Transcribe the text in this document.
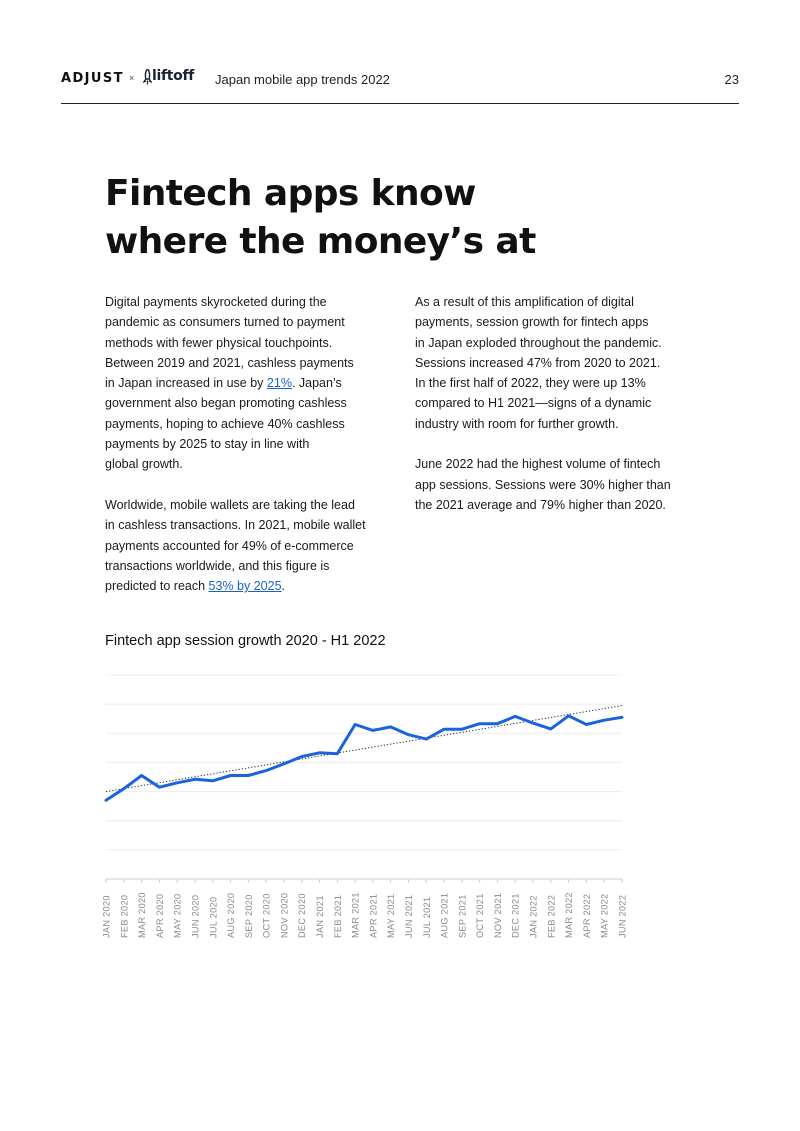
ADJUST × liftoff Japan mobile app trends 2022	23
Fintech apps know
where the money’s at

Digital payments skyrocketed during the
pandemic as consumers turned to payment
methods with fewer physical touchpoints.
Between 2019 and 2021, cashless payments
in Japan increased in use by 21%. Japan’s
government also began promoting cashless
payments, hoping to achieve 40% cashless
payments by 2025 to stay in line with
global growth.

Worldwide, mobile wallets are taking the lead
in cashless transactions. In 2021, mobile wallet
payments accounted for 49% of e-commerce
transactions worldwide, and this figure is
predicted to reach 53% by 2025.

As a result of this amplification of digital
payments, session growth for fintech apps
in Japan exploded throughout the pandemic.
Sessions increased 47% from 2020 to 2021.
In the first half of 2022, they were up 13%
compared to H1 2021—signs of a dynamic
industry with room for further growth.

June 2022 had the highest volume of fintech
app sessions. Sessions were 30% higher than
the 2021 average and 79% higher than 2020.

Fintech app session growth 2020 - H1 2022
JAN 2020 FEB 2020 MAR 2020 APR 2020 MAY 2020 JUN 2020 JUL 2020 AUG 2020 SEP 2020 OCT 2020 NOV 2020 DEC 2020 JAN 2021 FEB 2021 MAR 2021 APR 2021 MAY 2021 JUN 2021 JUL 2021 AUG 2021 SEP 2021 OCT 2021 NOV 2021 DEC 2021 JAN 2022 FEB 2022 MAR 2022 APR 2022 MAY 2022 JUN 2022
